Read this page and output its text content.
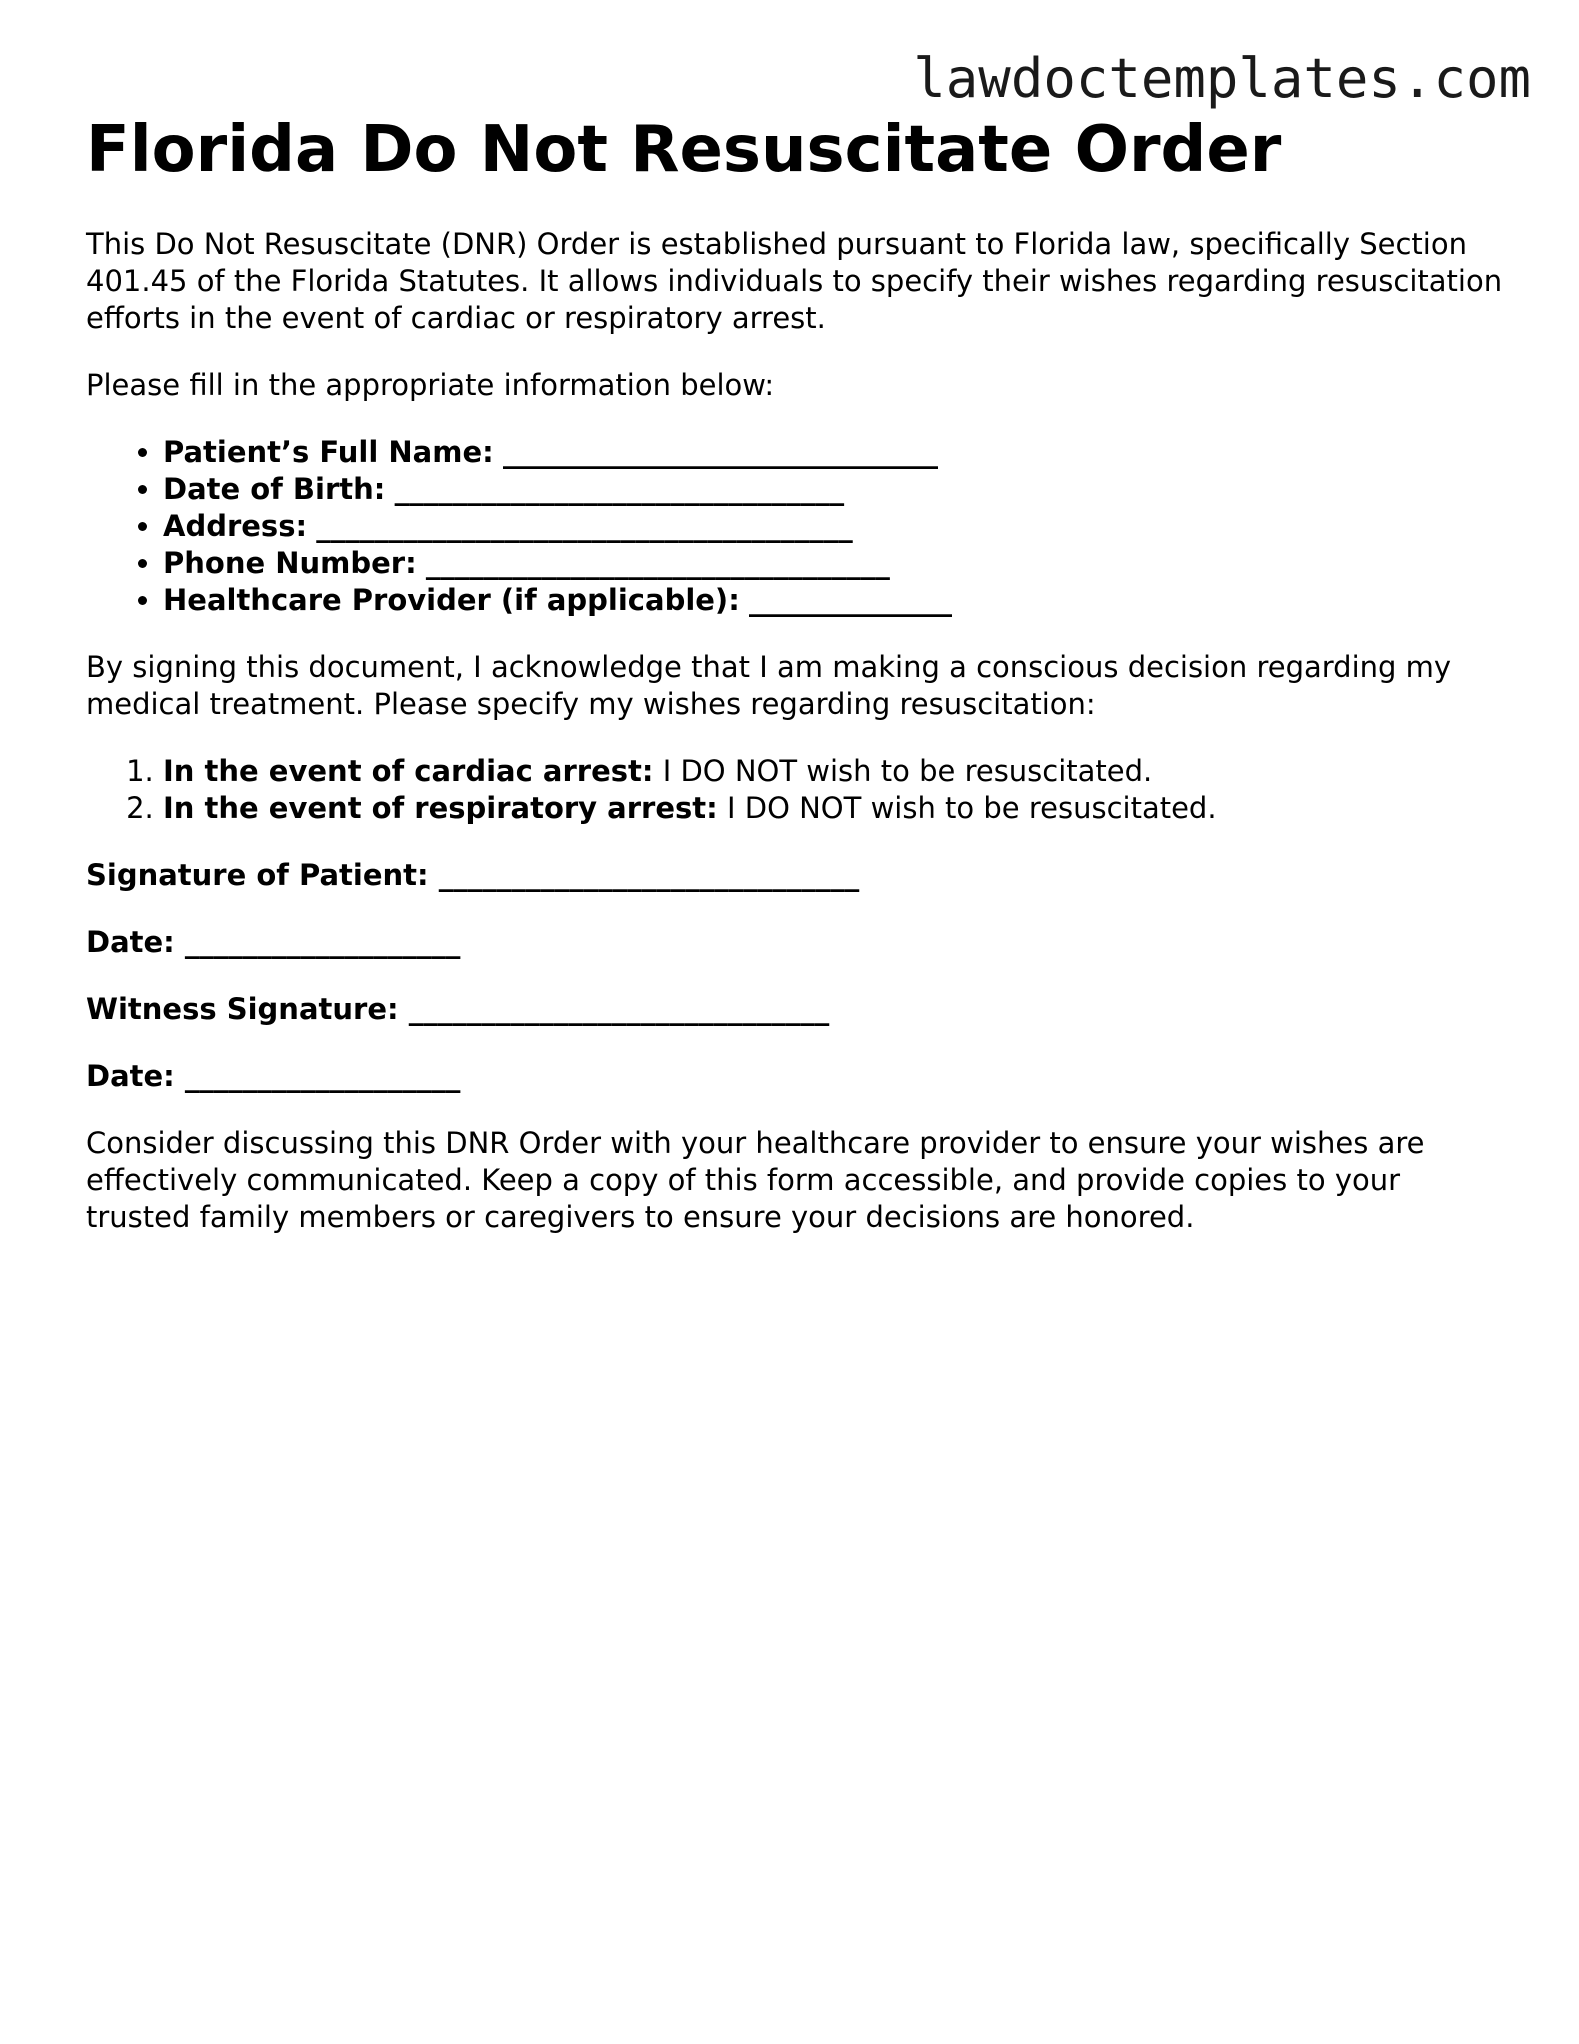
lawdoctemplates.com
Florida Do Not Resuscitate Order

This Do Not Resuscitate (DNR) Order is established pursuant to Florida law, specifically Section 401.45 of the Florida Statutes. It allows individuals to specify their wishes regarding resuscitation efforts in the event of cardiac or respiratory arrest.

Please fill in the appropriate information below:

• Patient’s Full Name: ______________________________
• Date of Birth: _______________________________
• Address: _____________________________________
• Phone Number: ________________________________
• Healthcare Provider (if applicable): ______________

By signing this document, I acknowledge that I am making a conscious decision regarding my medical treatment. Please specify my wishes regarding resuscitation:

1. In the event of cardiac arrest: I DO NOT wish to be resuscitated.
2. In the event of respiratory arrest: I DO NOT wish to be resuscitated.

Signature of Patient: _____________________________

Date: ___________________

Witness Signature: _____________________________

Date: ___________________

Consider discussing this DNR Order with your healthcare provider to ensure your wishes are effectively communicated. Keep a copy of this form accessible, and provide copies to your trusted family members or caregivers to ensure your decisions are honored.
